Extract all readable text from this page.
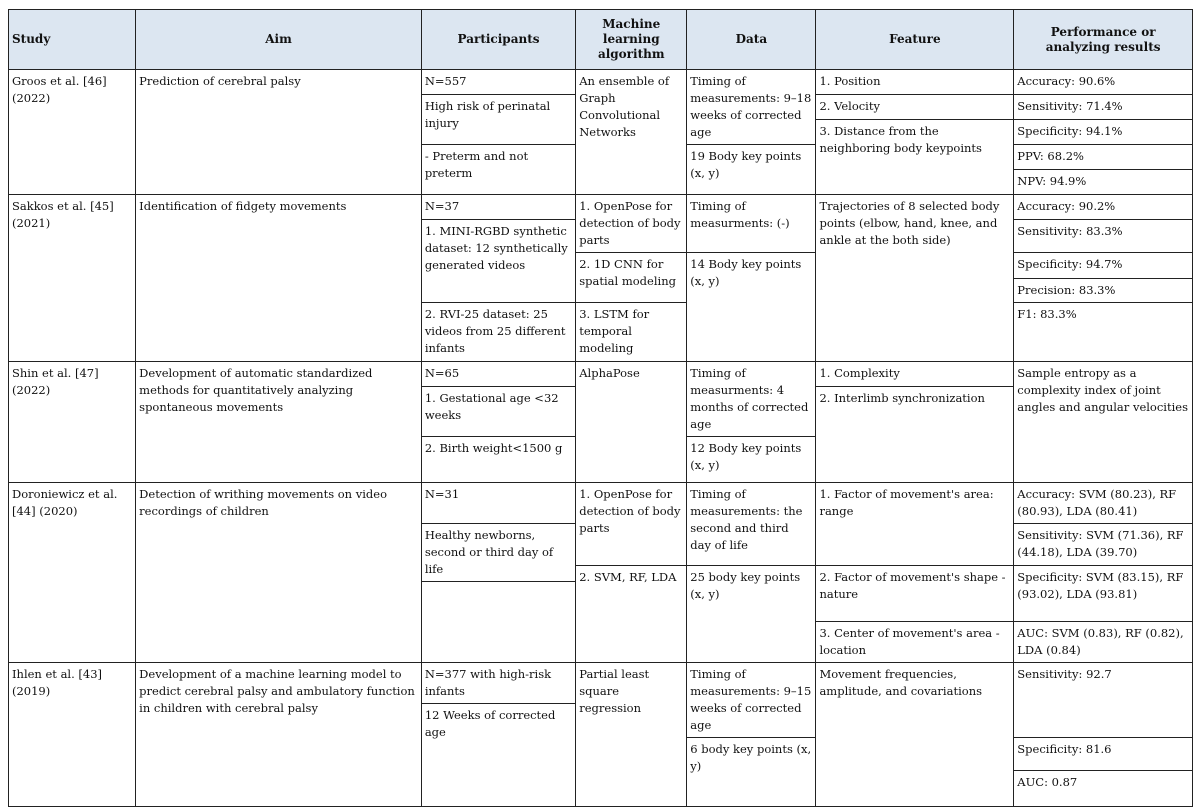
Study	Aim	Participants	Machine learning algorithm	Data	Feature	Performance or analyzing results
Groos et al. [46] (2022)	Prediction of cerebral palsy	N=557	An ensemble of Graph Convolutional Networks	Timing of measurements: 9–18 weeks of corrected age	1. Position	Accuracy: 90.6%
		High risk of perinatal injury			2. Velocity	Sensitivity: 71.4%
					3. Distance from the neighboring body keypoints	Specificity: 94.1%
		- Preterm and not preterm		19 Body key points (x, y)		PPV: 68.2%
						NPV: 94.9%
Sakkos et al. [45] (2021)	Identification of fidgety movements	N=37	1. OpenPose for detection of body parts	Timing of measurments: (-)	Trajectories of 8 selected body points (elbow, hand, knee, and ankle at the both side)	Accuracy: 90.2%
		1. MINI-RGBD synthetic dataset: 12 synthetically generated videos				Sensitivity: 83.3%
			2. 1D CNN for spatial modeling	14 Body key points (x, y)		Specificity: 94.7%
						Precision: 83.3%
		2. RVI-25 dataset: 25 videos from 25 different infants	3. LSTM for temporal modeling			F1: 83.3%

Shin et al. [47] (2022)	Development of automatic standardized methods for quantitatively analyzing spontaneous movements	N=65	AlphaPose	Timing of measurments: 4 months of corrected age	1. Complexity	Sample entropy as a complexity index of joint angles and angular velocities
		1. Gestational age <32 weeks			2. Interlimb synchronization	

		2. Birth weight<1500 g		12 Body key points (x, y)		
Doroniewicz et al. [44] (2020)	Detection of writhing movements on video recordings of children	N=31	1. OpenPose for detection of body parts	Timing of measurements: the second and third day of life	1. Factor of movement's area: range	Accuracy: SVM (80.23), RF (80.93), LDA (80.41)
		Healthy newborns, second or third day of life				Sensitivity: SVM (71.36), RF (44.18), LDA (39.70)
			2. SVM, RF, LDA	25 body key points (x, y)	2. Factor of movement's shape - nature	Specificity: SVM (83.15), RF (93.02), LDA (93.81)

					3. Center of movement's area - location	AUC: SVM (0.83), RF (0.82), LDA (0.84)
Ihlen et al. [43] (2019)	Development of a machine learning model to predict cerebral palsy and ambulatory function in children with cerebral palsy	N=377 with high-risk infants	Partial least square regression	Timing of measurements: 9–15 weeks of corrected age	Movement frequencies, amplitude, and covariations	Sensitivity: 92.7
		12 Weeks of corrected age				
				6 body key points (x, y)		Specificity: 81.6
						AUC: 0.87
